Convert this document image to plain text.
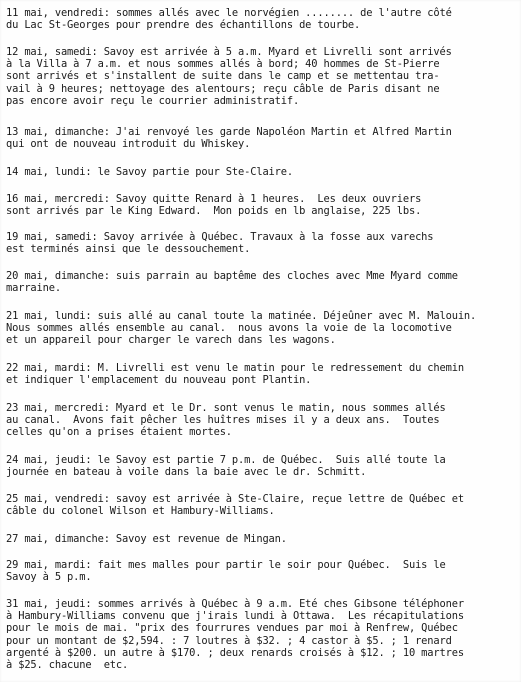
11 mai, vendredi: sommes allés avec le norvégien ........ de l'autre côté
du Lac St-Georges pour prendre des échantillons de tourbe.
12 mai, samedi: Savoy est arrivée à 5 a.m. Myard et Livrelli sont arrivés
à la Villa à 7 a.m. et nous sommes allés à bord; 40 hommes de St-Pierre
sont arrivés et s'installent de suite dans le camp et se mettentau tra-
vail à 9 heures; nettoyage des alentours; reçu câble de Paris disant ne
pas encore avoir reçu le courrier administratif.
13 mai, dimanche: J'ai renvoyé les garde Napoléon Martin et Alfred Martin
qui ont de nouveau introduit du Whiskey.
14 mai, lundi: le Savoy partie pour Ste-Claire.
16 mai, mercredi: Savoy quitte Renard à 1 heures.  Les deux ouvriers
sont arrivés par le King Edward.  Mon poids en lb anglaise, 225 lbs.
19 mai, samedi: Savoy arrivée à Québec. Travaux à la fosse aux varechs
est terminés ainsi que le dessouchement.
20 mai, dimanche: suis parrain au baptême des cloches avec Mme Myard comme
marraine.
21 mai, lundi: suis allé au canal toute la matinée. Déjeûner avec M. Malouin.
Nous sommes allés ensemble au canal.  nous avons la voie de la locomotive
et un appareil pour charger le varech dans les wagons.
22 mai, mardi: M. Livrelli est venu le matin pour le redressement du chemin
et indiquer l'emplacement du nouveau pont Plantin.
23 mai, mercredi: Myard et le Dr. sont venus le matin, nous sommes allés
au canal.  Avons fait pêcher les huîtres mises il y a deux ans.  Toutes
celles qu'on a prises étaient mortes.
24 mai, jeudi: le Savoy est partie 7 p.m. de Québec.  Suis allé toute la
journée en bateau à voile dans la baie avec le dr. Schmitt.
25 mai, vendredi: savoy est arrivée à Ste-Claire, reçue lettre de Québec et
câble du colonel Wilson et Hambury-Williams.
27 mai, dimanche: Savoy est revenue de Mingan.
29 mai, mardi: fait mes malles pour partir le soir pour Québec.  Suis le
Savoy à 5 p.m.
31 mai, jeudi: sommes arrivés à Québec à 9 a.m. Eté ches Gibsone téléphoner
à Hambury-Williams convenu que j'irais lundi à Ottawa.  Les récapitulations
pour le mois de mai. "prix des fourrures vendues par moi à Renfrew, Québec
pour un montant de $2,594. : 7 loutres à $32. ; 4 castor à $5. ; 1 renard
argenté à $200. un autre à $170. ; deux renards croisés à $12. ; 10 martres
à $25. chacune  etc.
